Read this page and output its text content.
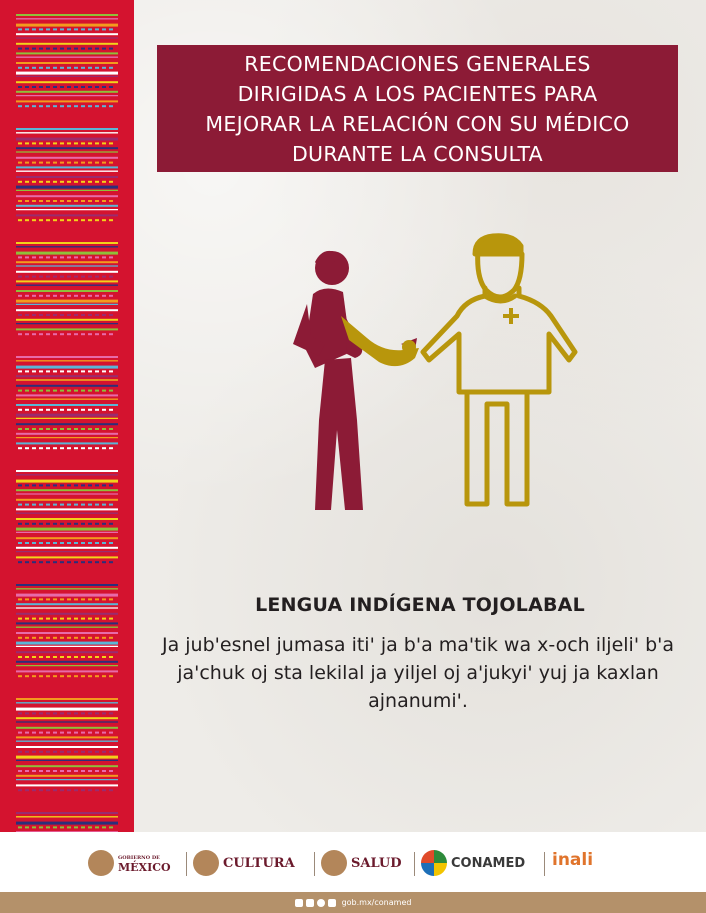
RECOMENDACIONES GENERALES
DIRIGIDAS A LOS PACIENTES PARA
MEJORAR LA RELACIÓN CON SU MÉDICO
DURANTE LA CONSULTA
LENGUA INDÍGENA TOJOLABAL
Ja jub'esnel jumasa iti' ja b'a ma'tik wa x-och iljeli' b'a ja'chuk oj sta lekilal ja yiljel oj a'jukyi' yuj ja kaxlan ajnanumi'.
GOBIERNO DE
MÉXICO	CULTURA	SALUD	CONAMED inali
gob.mx/conamed
